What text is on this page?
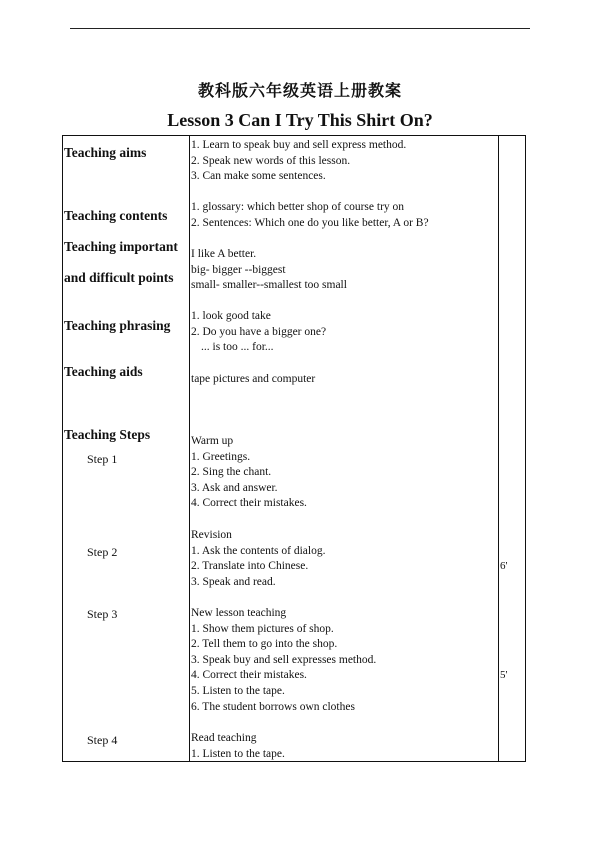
教科版六年级英语上册教案
Lesson 3 Can I Try This Shirt On?
Teaching aims
Teaching contents
Teaching important
and difficult points
Teaching phrasing
Teaching aids
Teaching Steps
Step 1
Step 2
Step 3
Step 4
1. Learn to speak buy and sell express method.
2. Speak new words of this lesson.
3. Can make some sentences.
1. glossary: which better shop of course try on
2. Sentences: Which one do you like better, A or B?
I like A better.
big- bigger --biggest
small- smaller--smallest too small
1. look good take
2. Do you have a bigger one?
... is too ... for...
tape pictures and computer
Warm up
1. Greetings.
2. Sing the chant.
3. Ask and answer.
4. Correct their mistakes.
Revision
1. Ask the contents of dialog.
2. Translate into Chinese.
3. Speak and read.
New lesson teaching
1. Show them pictures of shop.
2. Tell them to go into the shop.
3. Speak buy and sell expresses method.
4. Correct their mistakes.
5. Listen to the tape.
6. The student borrows own clothes
Read teaching
1. Listen to the tape.
6'
5'
